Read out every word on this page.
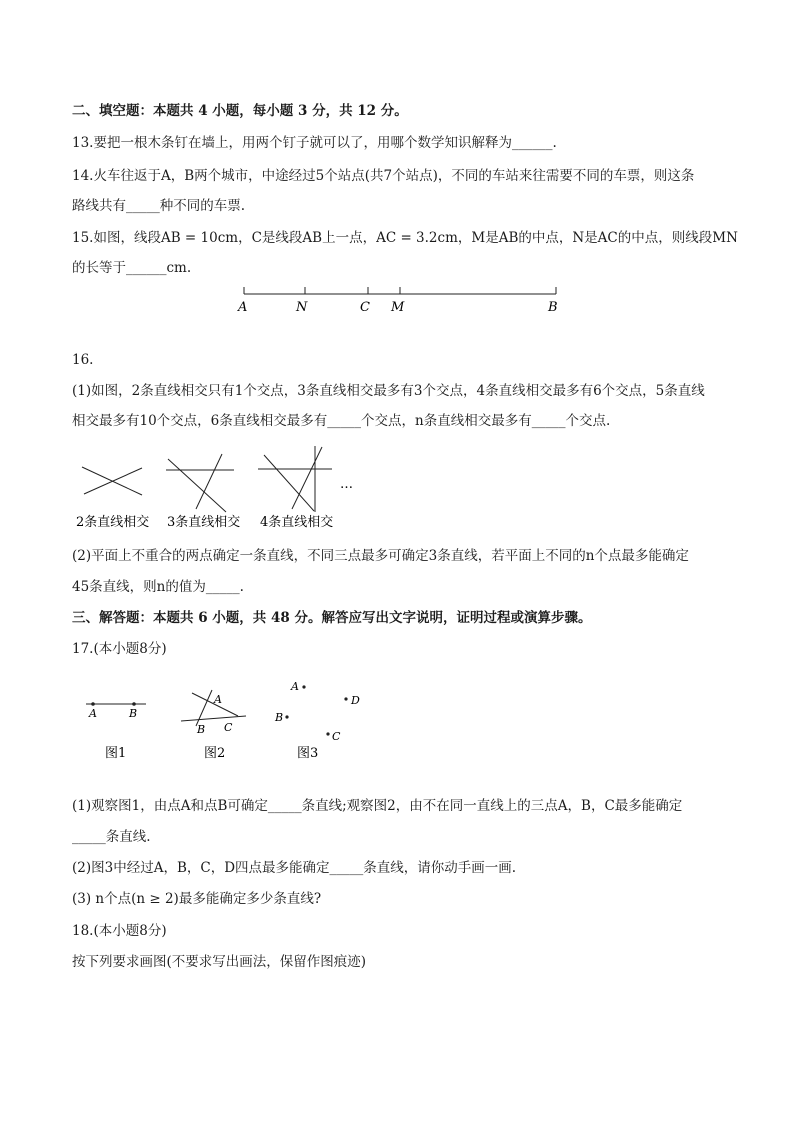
二、填空题：本题共 4 小题，每小题 3 分，共 12 分。
13.要把一根木条钉在墙上，用两个钉子就可以了，用哪个数学知识解释为______.
14.火车往返于A，B两个城市，中途经过5个站点(共7个站点)，不同的车站来往需要不同的车票，则这条
路线共有_____种不同的车票.
15.如图，线段AB = 10cm，C是线段AB上一点，AC = 3.2cm，M是AB的中点，N是AC的中点，则线段MN
的长等于______cm.
A	N	C M	B
…
2条直线相交 3条直线相交 4条直线相交
A	B
A
B C
A
B
C
D
图1	图2	图3
16.
(1)如图，2条直线相交只有1个交点，3条直线相交最多有3个交点，4条直线相交最多有6个交点，5条直线
相交最多有10个交点，6条直线相交最多有_____个交点，n条直线相交最多有_____个交点.
(2)平面上不重合的两点确定一条直线，不同三点最多可确定3条直线，若平面上不同的n个点最多能确定
45条直线，则n的值为_____.
三、解答题：本题共 6 小题，共 48 分。解答应写出文字说明，证明过程或演算步骤。
17.(本小题8分)
(1)观察图1，由点A和点B可确定_____条直线;观察图2，由不在同一直线上的三点A，B，C最多能确定
_____条直线.
(2)图3中经过A，B，C，D四点最多能确定_____条直线，请你动手画一画.
(3) n个点(n ≥ 2)最多能确定多少条直线?
18.(本小题8分)
按下列要求画图(不要求写出画法，保留作图痕迹)
